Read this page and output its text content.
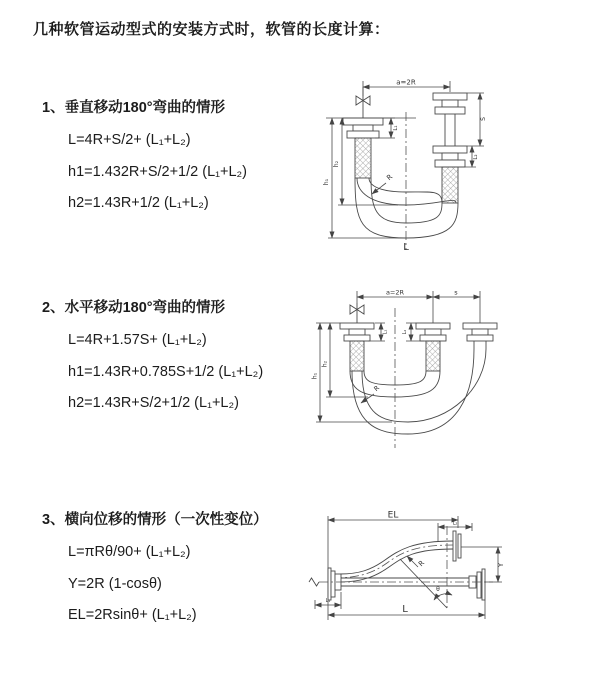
几种软管运动型式的安装方式时，软管的长度计算：
1、垂直移动180°弯曲的情形
L=4R+S/2+ (L₁+L₂)
h1=1.432R+S/2+1/2 (L₁+L₂)
h2=1.43R+1/2 (L₁+L₂)
a=2R
L₁
S
L₂
h₁
h₂
R
L
2、水平移动180°弯曲的情形
L=4R+1.57S+ (L₁+L₂)
h1=1.43R+0.785S+1/2 (L₁+L₂)
h2=1.43R+S/2+1/2 (L₁+L₂)
a=2R	s
L₁	L₂
h₁
h₂
R
3、横向位移的情形（一次性变位）
L=πRθ/90+ (L₁+L₂)
Y=2R (1-cosθ)
EL=2Rsinθ+ (L₁+L₂)
EL
L₂
Y
θ
R
L₁
L
